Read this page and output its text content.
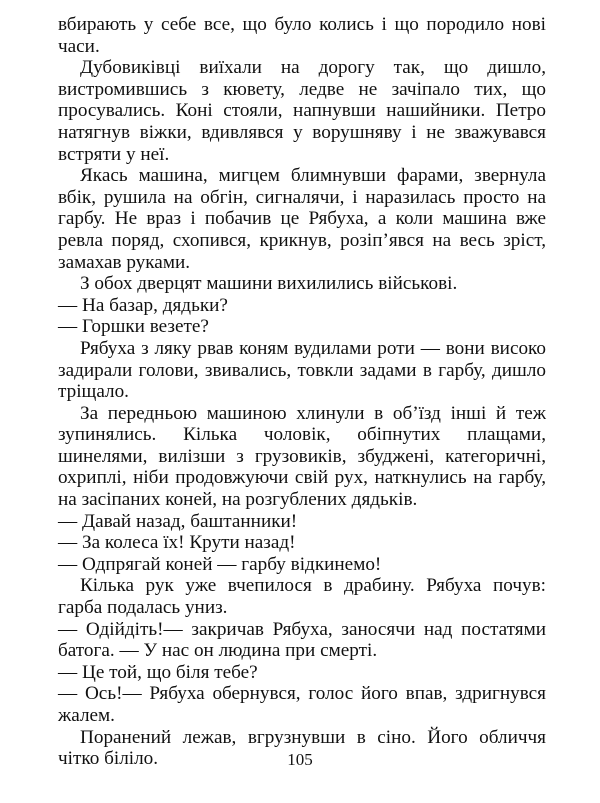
вбирають у себе все, що було колись і що породило нові часи.

Дубовиківці виїхали на дорогу так, що дишло, вистромившись з кювету, ледве не зачіпало тих, що просувались. Коні стояли, напнувши нашийники. Петро натягнув віжки, вдивлявся у ворушняву і не зважувався встряти у неї.

Якась машина, мигцем блимнувши фарами, звернула вбік, рушила на обгін, сигналячи, і наразилась просто на гарбу. Не враз і побачив це Рябуха, а коли машина вже ревла поряд, схопився, крикнув, розіп’явся на весь зріст, замахав руками.

З обох дверцят машини вихилились військові.

— На базар, дядьки?

— Горшки везете?

Рябуха з ляку рвав коням вудилами роти — вони високо задирали голови, звивались, товкли задами в гарбу, дишло тріщало.

За передньою машиною хлинули в об’їзд інші й теж зупинялись. Кілька чоловік, обіпнутих плащами, шинелями, вилізши з грузовиків, збуджені, категоричні, охриплі, ніби продовжуючи свій рух, наткнулись на гарбу, на засіпаних коней, на розгублених дядьків.

— Давай назад, баштанники!

— За колеса їх! Крути назад!

— Одпрягай коней — гарбу відкинемо!

Кілька рук уже вчепилося в драбину. Рябуха почув: гарба подалась униз.

— Одійдіть!— закричав Рябуха, заносячи над постатями батога. — У нас он людина при смерті.

— Це той, що біля тебе?

— Ось!— Рябуха обернувся, голос його впав, здригнувся жалем.

Поранений лежав, вгрузнувши в сіно. Його обличчя чітко біліло.	105
